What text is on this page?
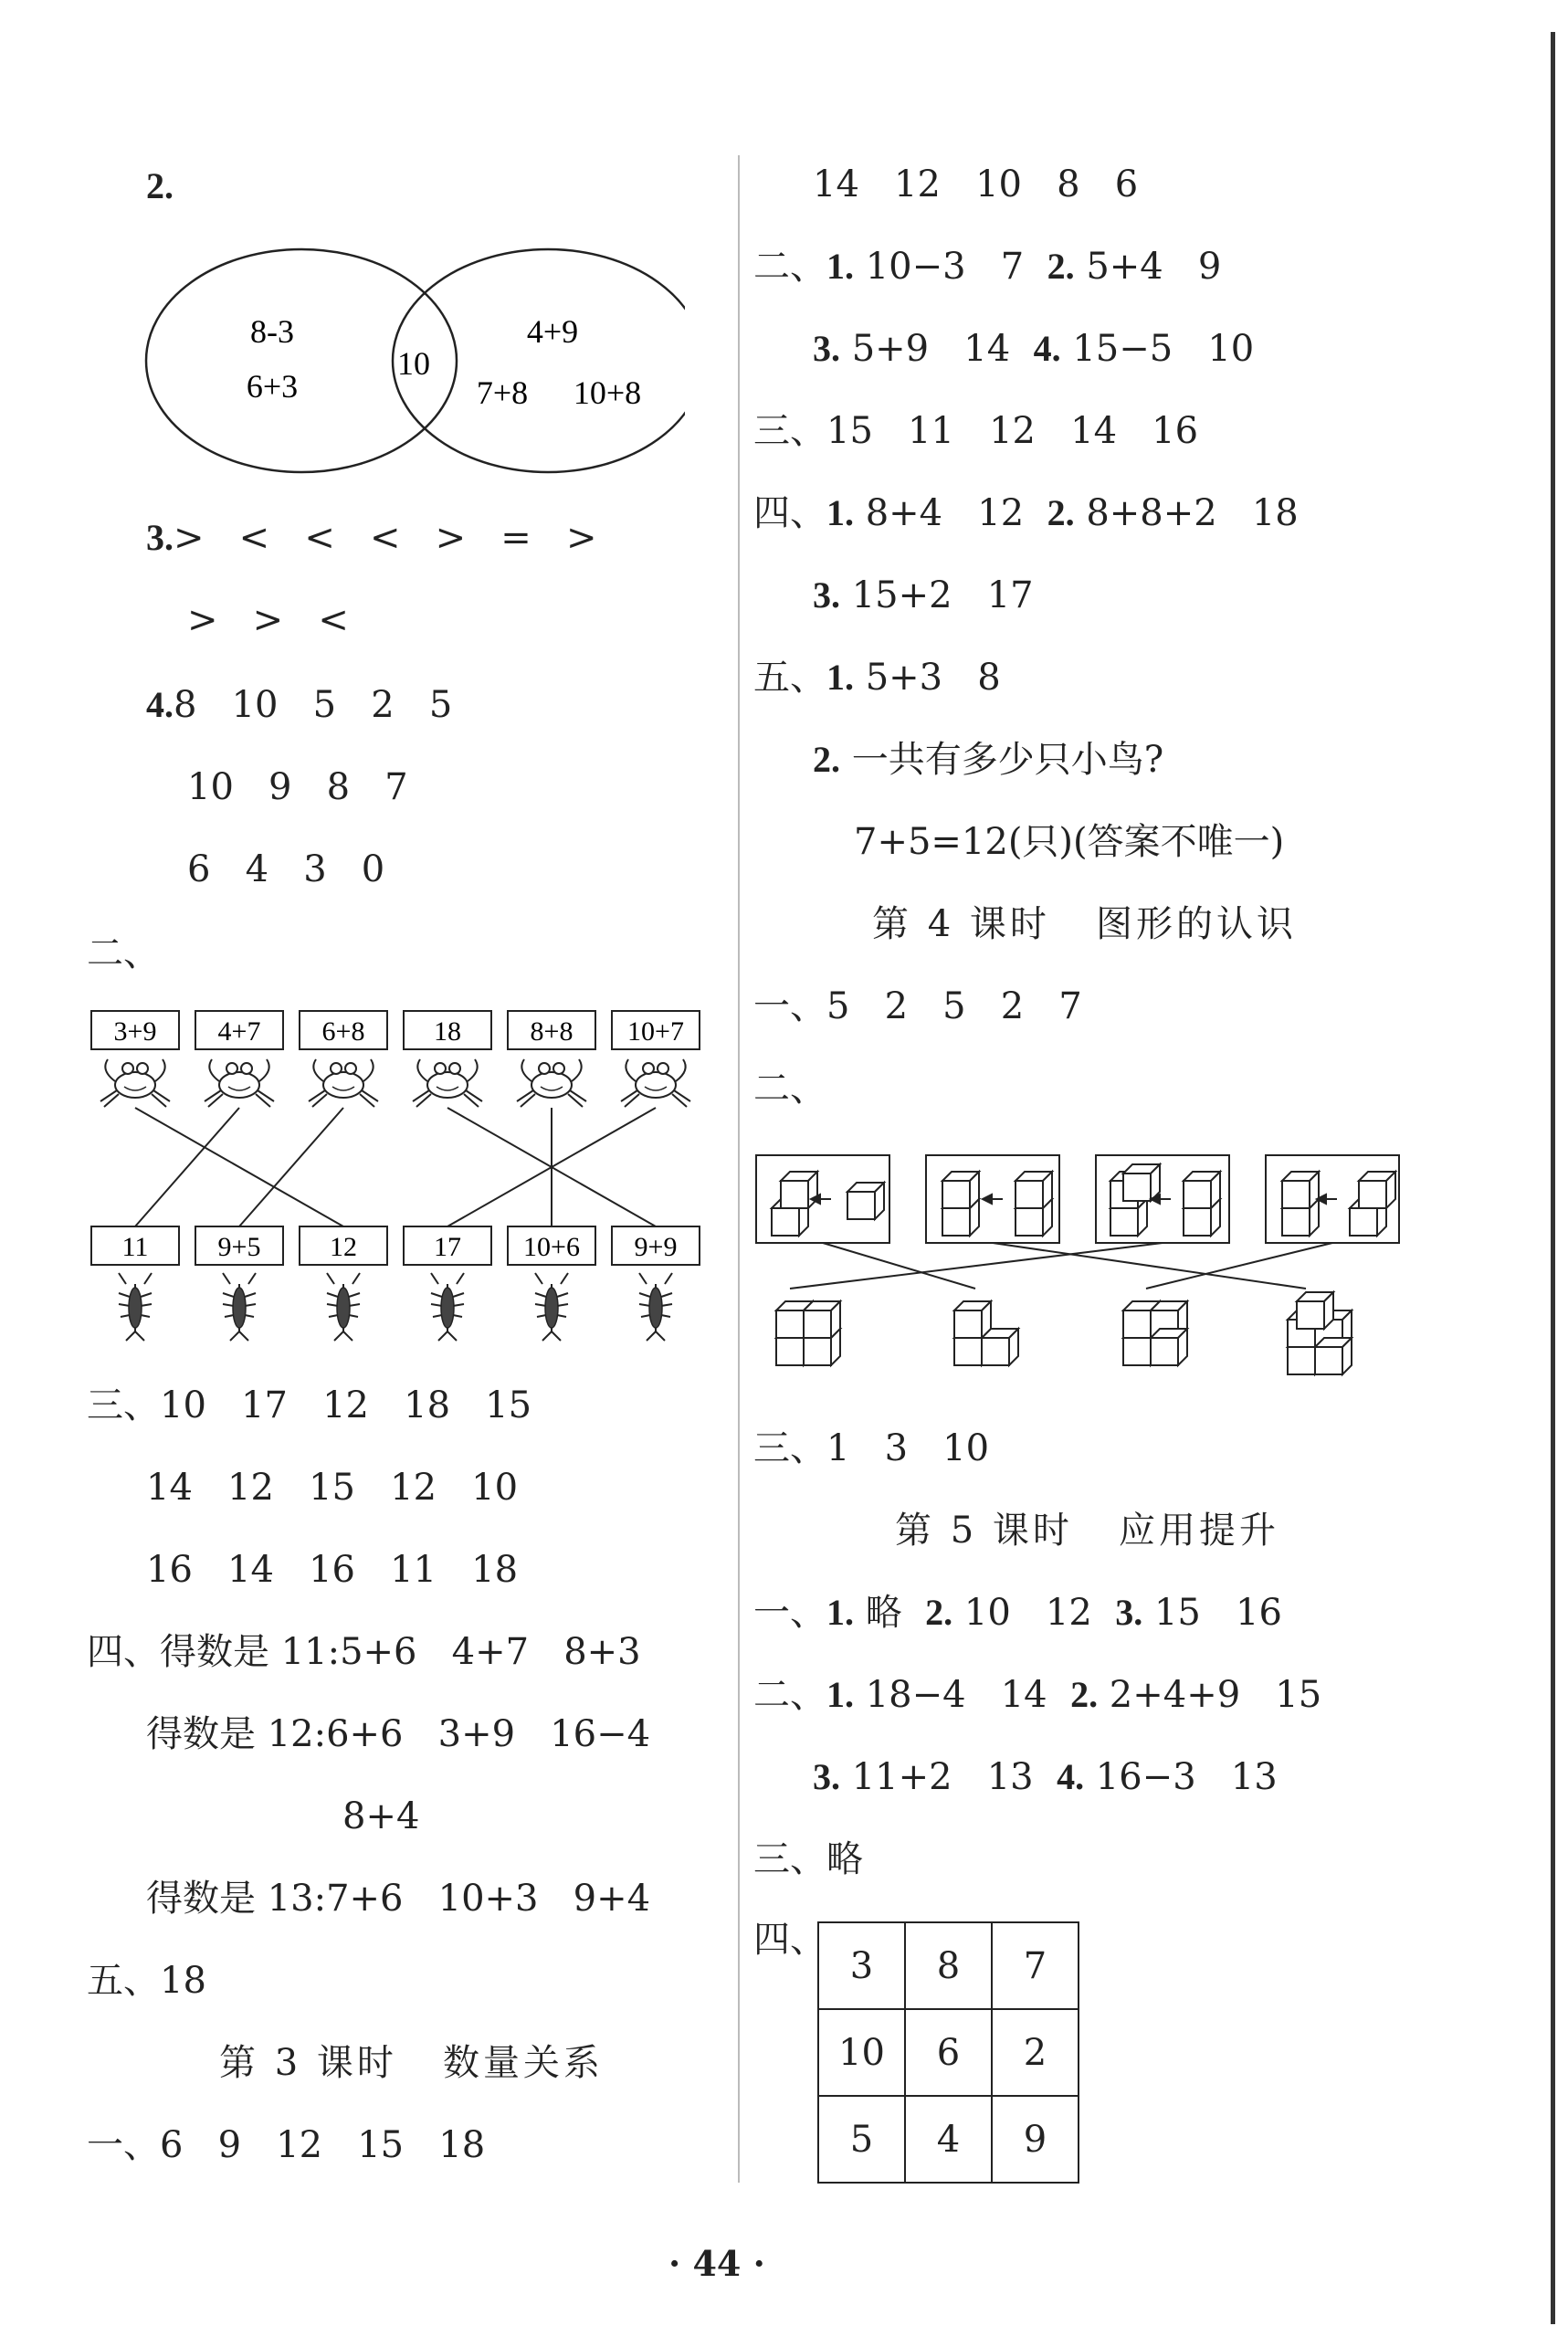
2.
8-3
6+3
10
4+9
7+8 10+8
3.>   <   <   <   >   =   >
>   >   <
4.8   10   5   2   5
10   9   8   7
6   4   3   0
二、
3+9 4+7 6+8	18	8+8 10+7
11	9+5	12	17 10+6 9+9
三、10   17   12   18   15
14   12   15   12   10
16   14   16   11   18
四、得数是 11:5+6   4+7   8+3
得数是 12:6+6   3+9   16−4
8+4
得数是 13:7+6   10+3   9+4
五、18
第 3 课时   数量关系
一、6   9   12   15   18
14   12   10   8   6
二、1. 10−3   7  2. 5+4   9
3. 5+9   14  4. 15−5   10
三、15   11   12   14   16
四、1. 8+4   12  2. 8+8+2   18
3. 15+2   17
五、1. 5+3   8
2. 一共有多少只小鸟?
7+5=12(只)(答案不唯一)
第 4 课时   图形的认识
一、5   2   5   2   7
二、
三、1   3   10
第 5 课时   应用提升
一、1. 略  2. 10   12  3. 15   16
二、1. 18−4   14  2. 2+4+9   15
3. 11+2   13  4. 16−3   13
三、略
四、
3	8	7
10	6	2
5	4	9
· 44 ·
